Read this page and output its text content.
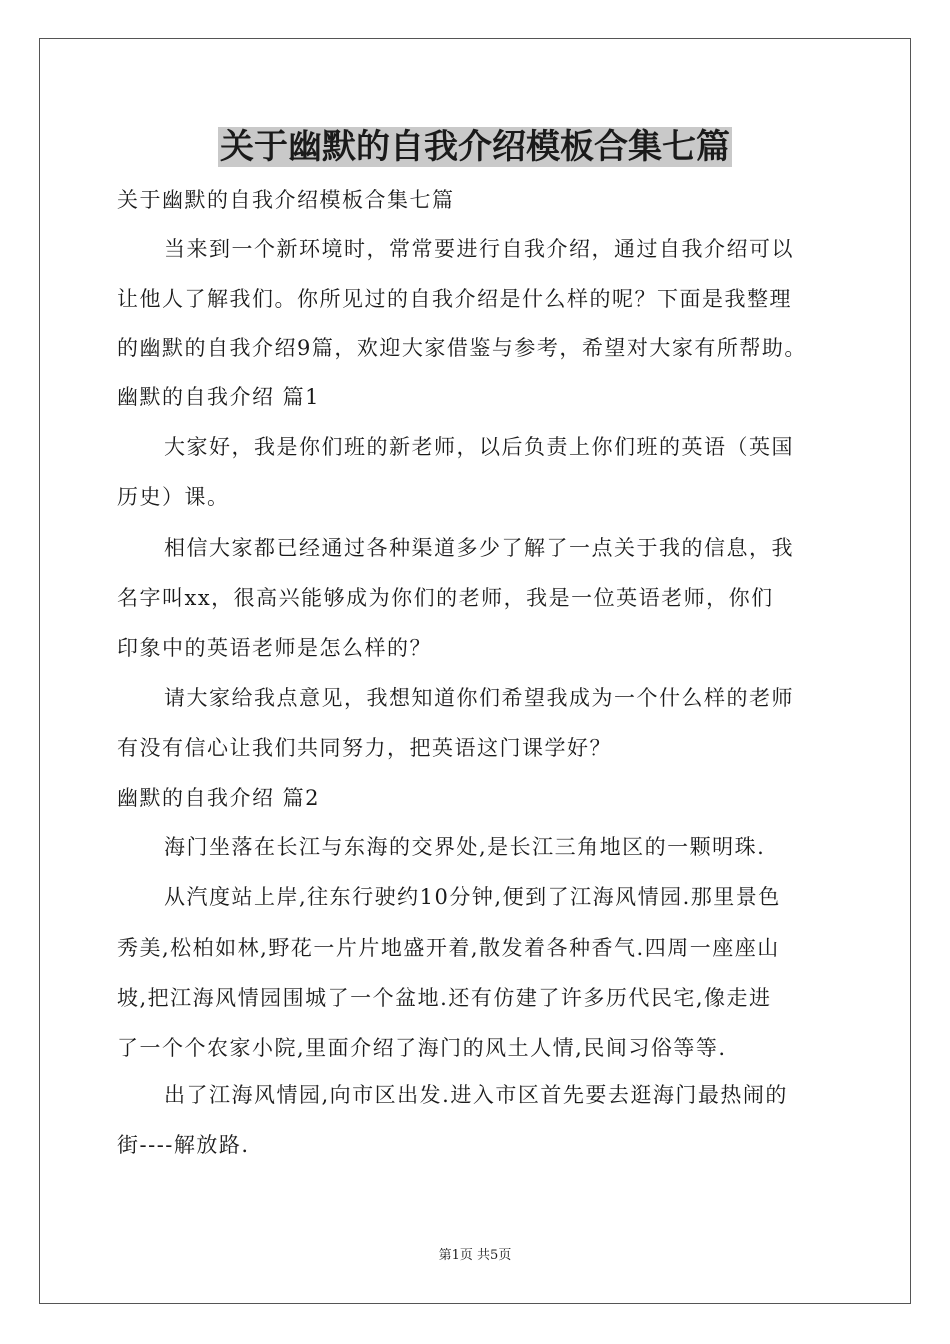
关于幽默的自我介绍模板合集七篇
关于幽默的自我介绍模板合集七篇
当来到一个新环境时，常常要进行自我介绍，通过自我介绍可以
让他人了解我们。你所见过的自我介绍是什么样的呢？下面是我整理
的幽默的自我介绍9篇，欢迎大家借鉴与参考，希望对大家有所帮助。
幽默的自我介绍 篇1
大家好，我是你们班的新老师，以后负责上你们班的英语（英国
历史）课。
相信大家都已经通过各种渠道多少了解了一点关于我的信息，我
名字叫xx，很高兴能够成为你们的老师，我是一位英语老师，你们
印象中的英语老师是怎么样的？
请大家给我点意见，我想知道你们希望我成为一个什么样的老师
有没有信心让我们共同努力，把英语这门课学好？
幽默的自我介绍 篇2
海门坐落在长江与东海的交界处,是长江三角地区的一颗明珠.
从汽度站上岸,往东行驶约10分钟,便到了江海风情园.那里景色
秀美,松柏如林,野花一片片地盛开着,散发着各种香气.四周一座座山
坡,把江海风情园围城了一个盆地.还有仿建了许多历代民宅,像走进
了一个个农家小院,里面介绍了海门的风土人情,民间习俗等等.
出了江海风情园,向市区出发.进入市区首先要去逛海门最热闹的
街----解放路.
第1页 共5页
